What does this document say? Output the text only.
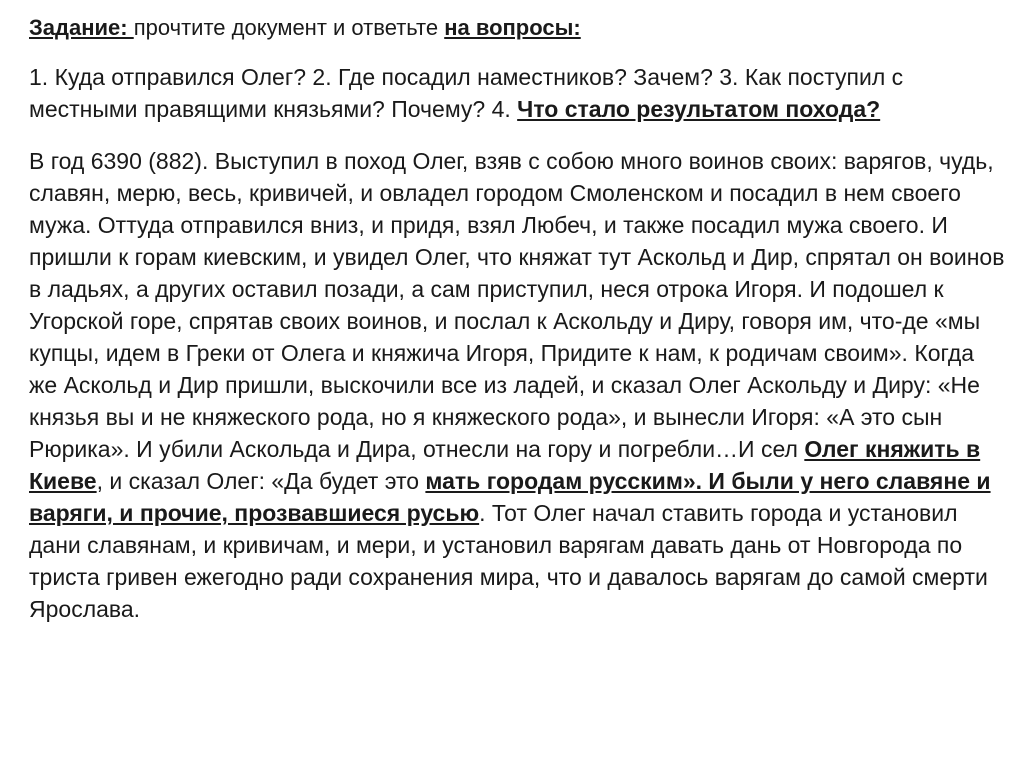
Задание: прочтите документ и ответьте на вопросы:

1. Куда отправился Олег? 2. Где посадил наместников? Зачем? 3. Как поступил с местными правящими князьями? Почему? 4. Что стало результатом похода?

В год 6390 (882). Выступил в поход Олег, взяв с собою много воинов своих: варягов, чудь, славян, мерю, весь, кривичей, и овладел городом Смоленском и посадил в нем своего мужа. Оттуда отправился вниз, и придя, взял Любеч, и также посадил мужа своего. И пришли к горам киевским, и увидел Олег, что княжат тут Аскольд и Дир, спрятал он воинов в ладьях, а других оставил позади, а сам приступил, неся отрока Игоря. И подошел к Угорской горе, спрятав своих воинов, и послал к Аскольду и Диру, говоря им, что-де «мы купцы, идем в Греки от Олега и княжича Игоря, Придите к нам, к родичам своим». Когда же Аскольд и Дир пришли, выскочили все из ладей, и сказал Олег Аскольду и Диру: «Не князья вы и не княжеского рода, но я княжеского рода», и вынесли Игоря: «А это сын Рюрика». И убили Аскольда и Дира, отнесли на гору и погребли…И сел Олег княжить в Киеве, и сказал Олег: «Да будет это мать городам русским». И были у него славяне и варяги, и прочие, прозвавшиеся русью. Тот Олег начал ставить города и установил дани славянам, и кривичам, и мери, и установил варягам давать дань от Новгорода по триста гривен ежегодно ради сохранения мира, что и давалось варягам до самой смерти Ярослава.
